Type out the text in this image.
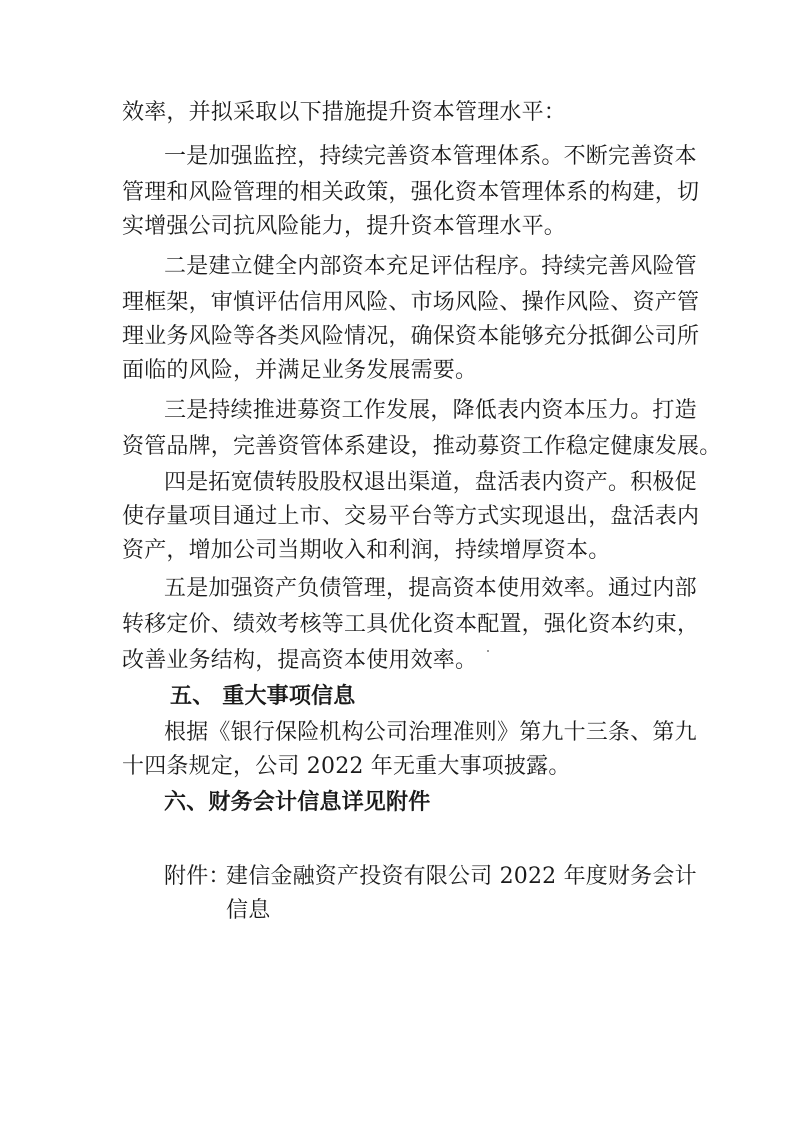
效率，并拟采取以下措施提升资本管理水平：
一是加强监控，持续完善资本管理体系。不断完善资本
管理和风险管理的相关政策，强化资本管理体系的构建，切
实增强公司抗风险能力，提升资本管理水平。
二是建立健全内部资本充足评估程序。持续完善风险管
理框架，审慎评估信用风险、市场风险、操作风险、资产管
理业务风险等各类风险情况，确保资本能够充分抵御公司所
面临的风险，并满足业务发展需要。
三是持续推进募资工作发展，降低表内资本压力。打造
资管品牌，完善资管体系建设，推动募资工作稳定健康发展。
四是拓宽债转股股权退出渠道，盘活表内资产。积极促
使存量项目通过上市、交易平台等方式实现退出，盘活表内
资产，增加公司当期收入和利润，持续增厚资本。
五是加强资产负债管理，提高资本使用效率。通过内部
转移定价、绩效考核等工具优化资本配置，强化资本约束，
改善业务结构，提高资本使用效率。
五、 重大事项信息
根据《银行保险机构公司治理准则》第九十三条、第九
十四条规定，公司 2022 年无重大事项披露。
六、财务会计信息详见附件
附件：
建信金融资产投资有限公司 2022 年度财务会计
信息
